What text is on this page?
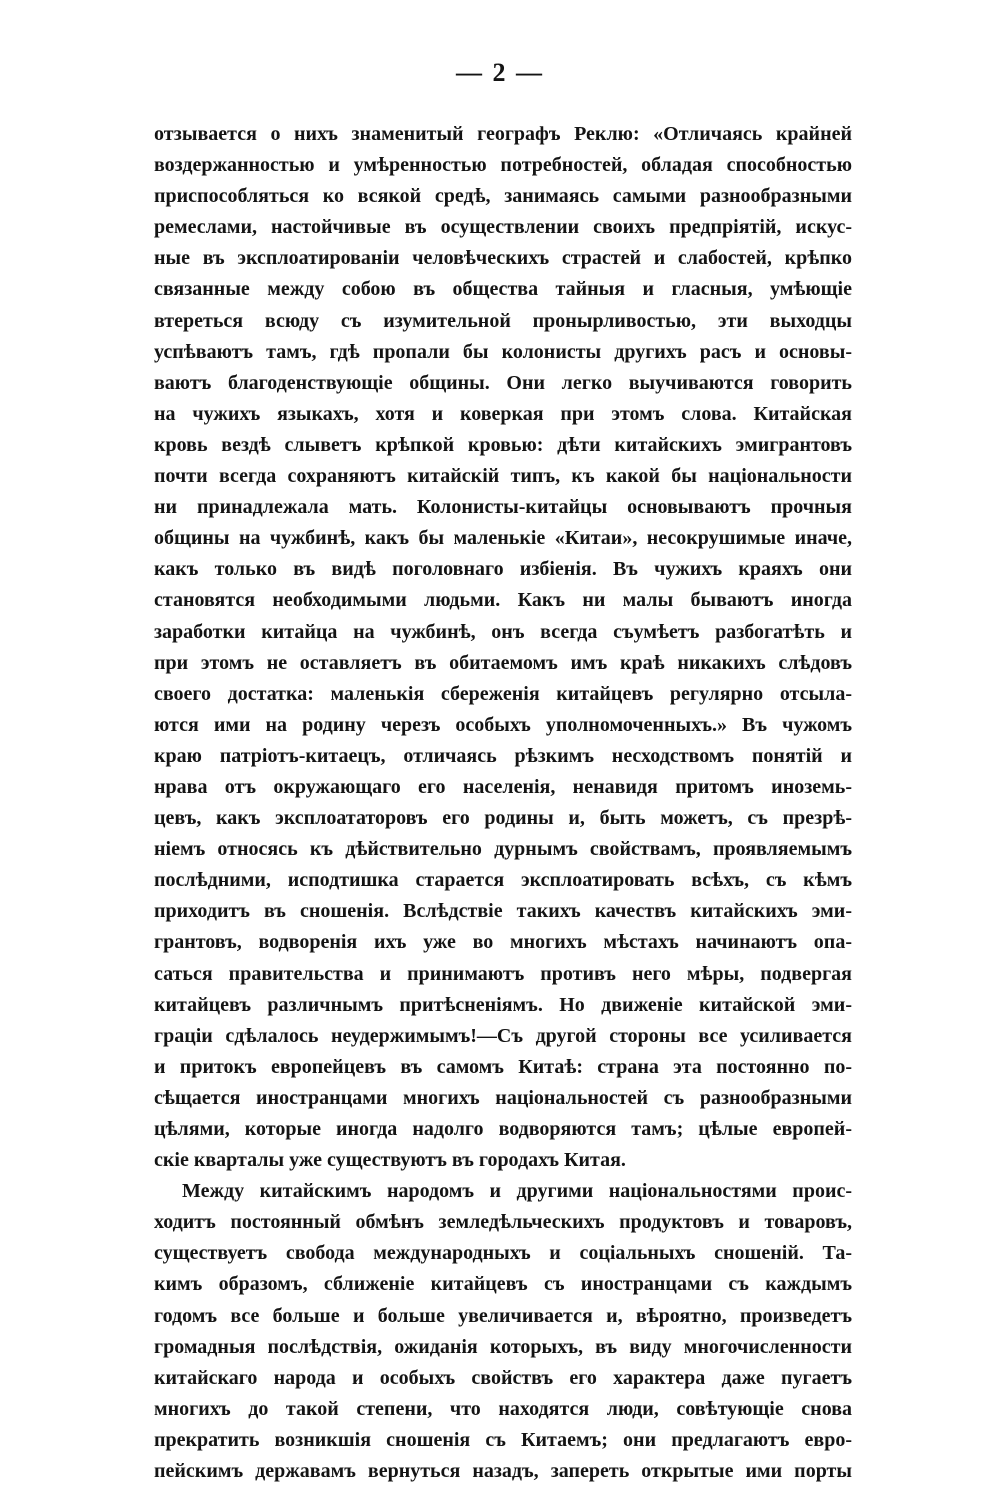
— 2 —
отзывается о нихъ знаменитый географъ Реклю: «Отличаясь крайней
воздержанностью и умѣренностью потребностей, обладая способностью
приспособляться ко всякой средѣ, занимаясь самыми разнообразными
ремеслами, настойчивые въ осуществлении своихъ предпріятій, искус-
ные въ эксплоатированіи человѣческихъ страстей и слабостей, крѣпко
связанные между собою въ общества тайныя и гласныя, умѣющіе
втереться всюду съ изумительной пронырливостью, эти выходцы
успѣваютъ тамъ, гдѣ пропали бы колонисты другихъ расъ и основы-
ваютъ благоденствующіе общины. Они легко выучиваются говорить
на чужихъ языкахъ, хотя и коверкая при этомъ слова. Китайская
кровь вездѣ слыветъ крѣпкой кровью: дѣти китайскихъ эмигрантовъ
почти всегда сохраняютъ китайскій типъ, къ какой бы національности
ни принадлежала мать. Колонисты-китайцы основываютъ прочныя
общины на чужбинѣ, какъ бы маленькіе «Китаи», несокрушимые иначе,
какъ только въ видѣ поголовнаго избіенія. Въ чужихъ краяхъ они
становятся необходимыми людьми. Какъ ни малы бываютъ иногда
заработки китайца на чужбинѣ, онъ всегда съумѣетъ разбогатѣть и
при этомъ не оставляетъ въ обитаемомъ имъ краѣ никакихъ слѣдовъ
своего достатка: маленькія сбереженія китайцевъ регулярно отсыла-
ются ими на родину черезъ особыхъ уполномоченныхъ.» Въ чужомъ
краю патріотъ-китаецъ, отличаясь рѣзкимъ несходствомъ понятій и
нрава отъ окружающаго его населенія, ненавидя притомъ иноземь-
цевъ, какъ эксплоататоровъ его родины и, быть можетъ, съ презрѣ-
ніемъ относясь къ дѣйствительно дурнымъ свойствамъ, проявляемымъ
послѣдними, исподтишка старается эксплоатировать всѣхъ, съ кѣмъ
приходитъ въ сношенія. Вслѣдствіе такихъ качествъ китайскихъ эми-
грантовъ, водворенія ихъ уже во многихъ мѣстахъ начинаютъ опа-
саться правительства и принимаютъ противъ него мѣры, подвергая
китайцевъ различнымъ притѣсненіямъ. Но движеніе китайской эми-
граціи сдѣлалось неудержимымъ!—Съ другой стороны все усиливается
и притокъ европейцевъ въ самомъ Китаѣ: страна эта постоянно по-
сѣщается иностранцами многихъ національностей съ разнообразными
цѣлями, которые иногда надолго водворяются тамъ; цѣлые европей-
скіе кварталы уже существуютъ въ городахъ Китая.
Между китайскимъ народомъ и другими національностями проис-
ходитъ постоянный обмѣнъ земледѣльческихъ продуктовъ и товаровъ,
существуетъ свобода международныхъ и соціальныхъ сношеній. Та-
кимъ образомъ, сближеніе китайцевъ съ иностранцами съ каждымъ
годомъ все больше и больше увеличивается и, вѣроятно, произведетъ
громадныя послѣдствія, ожиданія которыхъ, въ виду многочисленности
китайскаго народа и особыхъ свойствъ его характера даже пугаетъ
многихъ до такой степени, что находятся люди, совѣтующіе снова
прекратить возникшія сношенія съ Китаемъ; они предлагаютъ евро-
пейскимъ державамъ вернуться назадъ, запереть открытые ими порты
